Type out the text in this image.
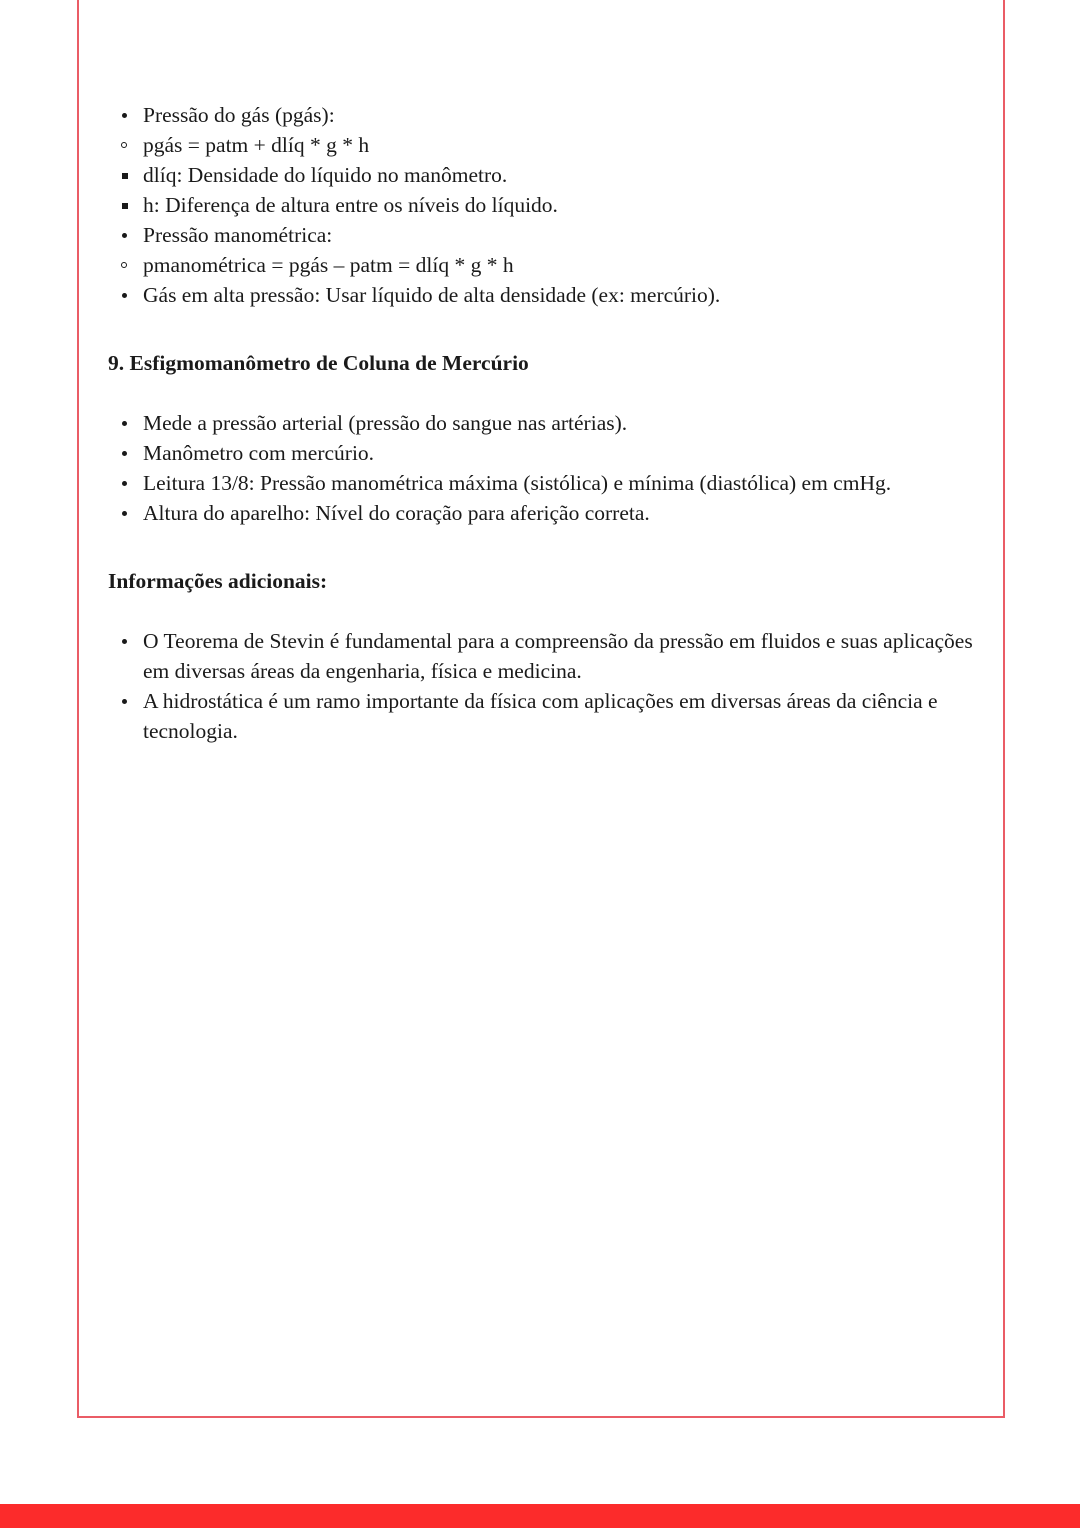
Pressão do gás (pgás):
pgás = patm + dlíq * g * h
dlíq: Densidade do líquido no manômetro.
h: Diferença de altura entre os níveis do líquido.
Pressão manométrica:
pmanométrica = pgás – patm = dlíq * g * h
Gás em alta pressão: Usar líquido de alta densidade (ex: mercúrio).
9. Esfigmomanômetro de Coluna de Mercúrio
Mede a pressão arterial (pressão do sangue nas artérias).
Manômetro com mercúrio.
Leitura 13/8: Pressão manométrica máxima (sistólica) e mínima (diastólica) em cmHg.
Altura do aparelho: Nível do coração para aferição correta.
Informações adicionais:
O Teorema de Stevin é fundamental para a compreensão da pressão em fluidos e suas aplicações em diversas áreas da engenharia, física e medicina.
A hidrostática é um ramo importante da física com aplicações em diversas áreas da ciência e tecnologia.
